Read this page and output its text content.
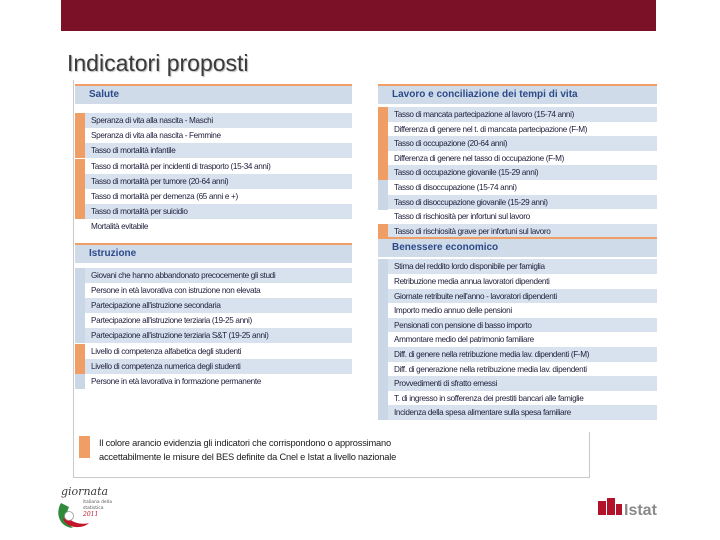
Indicatori proposti
Salute
Speranza di vita alla nascita - Maschi
Speranza di vita alla nascita - Femmine
Tasso di mortalità infantile
Tasso di mortalità per incidenti di trasporto (15-34 anni)
Tasso di mortalità per tumore (20-64 anni)
Tasso di mortalità per demenza (65 anni e +)
Tasso di mortalità per suicidio
Mortalità evitabile
Istruzione
Giovani che hanno abbandonato precocemente gli studi
Persone in età lavorativa con istruzione non elevata
Partecipazione all'istruzione secondaria
Partecipazione all'istruzione terziaria (19-25 anni)
Partecipazione all'istruzione terziaria S&T (19-25 anni)
Livello di competenza alfabetica degli studenti
Livello di competenza numerica degli studenti
Persone in età lavorativa in formazione permanente
Lavoro e conciliazione dei tempi di vita
Tasso di mancata partecipazione al lavoro (15-74 anni)
Differenza di genere nel t. di mancata partecipazione (F-M)
Tasso di occupazione (20-64 anni)
Differenza di genere nel tasso di occupazione (F-M)
Tasso di occupazione giovanile (15-29 anni)
Tasso di disoccupazione (15-74 anni)
Tasso di disoccupazione giovanile (15-29 anni)
Tasso di rischiosità per infortuni sul lavoro
Tasso di rischiosità grave per infortuni sul lavoro
Benessere economico
Stima del reddito lordo disponibile per famiglia
Retribuzione media annua lavoratori dipendenti
Giornate retribuite nell'anno - lavoratori dipendenti
Importo medio annuo delle pensioni
Pensionati con pensione di basso importo
Ammontare medio del patrimonio familiare
Diff. di genere nella retribuzione media lav. dipendenti (F-M)
Diff. di generazione nella retribuzione media lav. dipendenti
Provvedimenti di sfratto emessi
T. di ingresso in sofferenza dei prestiti bancari alle famiglie
Incidenza della spesa alimentare sulla spesa familiare
Il colore arancio evidenzia gli indicatori che corrispondono o approssimano
accettabilmente le misure del BES definite da Cnel e Istat a livello nazionale
giornata
italiana della
statistica
2011	Istat
